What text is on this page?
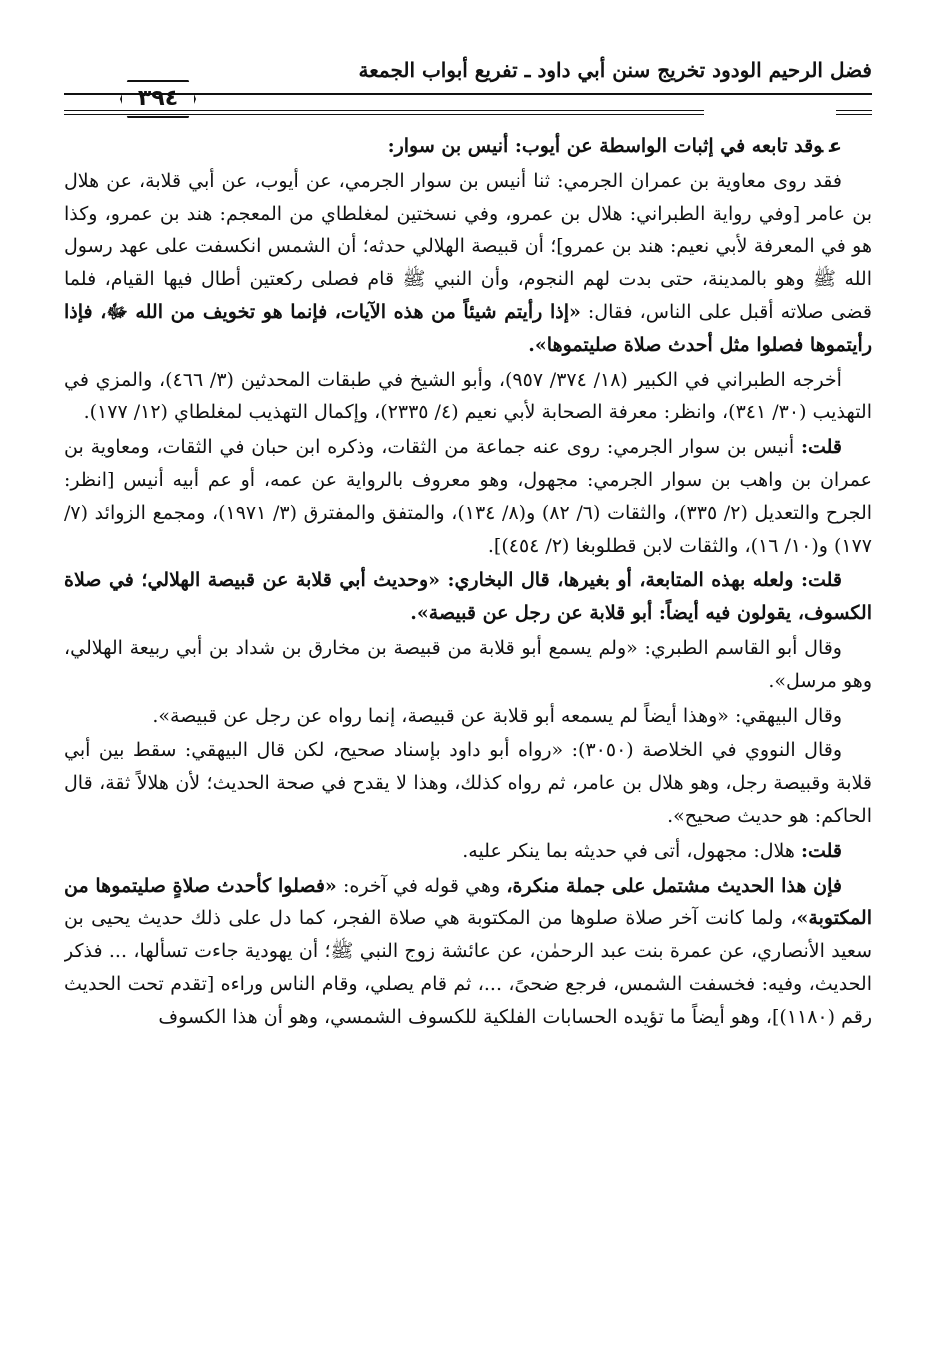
فضل الرحيم الودود تخريج سنن أبي داود ـ تفريع أبواب الجمعة
٣٩٤

عوقد تابعه في إثبات الواسطة عن أيوب: أنيس بن سوار:

فقد روى معاوية بن عمران الجرمي: ثنا أنيس بن سوار الجرمي، عن أيوب، عن أبي قلابة، عن هلال بن عامر [وفي رواية الطبراني: هلال بن عمرو، وفي نسختين لمغلطاي من المعجم: هند بن عمرو، وكذا هو في المعرفة لأبي نعيم: هند بن عمرو]؛ أن قبيصة الهلالي حدثه؛ أن الشمس انكسفت على عهد رسول الله ﷺ وهو بالمدينة، حتى بدت لهم النجوم، وأن النبي ﷺ قام فصلى ركعتين أطال فيها القيام، فلما قضى صلاته أقبل على الناس، فقال: «إذا رأيتم شيئاً من هذه الآيات، فإنما هو تخويف من الله ﷻ، فإذا رأيتموها فصلوا مثل أحدث صلاة صليتموها».

أخرجه الطبراني في الكبير (١٨/ ٣٧٤/ ٩٥٧)، وأبو الشيخ في طبقات المحدثين (٣/ ٤٦٦)، والمزي في التهذيب (٣٠/ ٣٤١)، وانظر: معرفة الصحابة لأبي نعيم (٤/ ٢٣٣٥)، وإكمال التهذيب لمغلطاي (١٢/ ١٧٧).

قلت: أنيس بن سوار الجرمي: روى عنه جماعة من الثقات، وذكره ابن حبان في الثقات، ومعاوية بن عمران بن واهب بن سوار الجرمي: مجهول، وهو معروف بالرواية عن عمه، أو عم أبيه أنيس [انظر: الجرح والتعديل (٢/ ٣٣٥)، والثقات (٦/ ٨٢) و(٨/ ١٣٤)، والمتفق والمفترق (٣/ ١٩٧١)، ومجمع الزوائد (٧/ ١٧٧) و(١٠/ ١٦)، والثقات لابن قطلوبغا (٢/ ٤٥٤)].

قلت: ولعله بهذه المتابعة، أو بغيرها، قال البخاري: «وحديث أبي قلابة عن قبيصة الهلالي؛ في صلاة الكسوف، يقولون فيه أيضاً: أبو قلابة عن رجل عن قبيصة».

وقال أبو القاسم الطبري: «ولم يسمع أبو قلابة من قبيصة بن مخارق بن شداد بن أبي ربيعة الهلالي، وهو مرسل».

وقال البيهقي: «وهذا أيضاً لم يسمعه أبو قلابة عن قبيصة، إنما رواه عن رجل عن قبيصة».

وقال النووي في الخلاصة (٣٠٥٠): «رواه أبو داود بإسناد صحيح، لكن قال البيهقي: سقط بين أبي قلابة وقبيصة رجل، وهو هلال بن عامر، ثم رواه كذلك، وهذا لا يقدح في صحة الحديث؛ لأن هلالاً ثقة، قال الحاكم: هو حديث صحيح».

قلت: هلال: مجهول، أتى في حديثه بما ينكر عليه.

فإن هذا الحديث مشتمل على جملة منكرة، وهي قوله في آخره: «فصلوا كأحدث صلاةٍ صليتموها من المكتوبة»، ولما كانت آخر صلاة صلوها من المكتوبة هي صلاة الفجر، كما دل على ذلك حديث يحيى بن سعيد الأنصاري، عن عمرة بنت عبد الرحمٰن، عن عائشة زوج النبي ﷺ؛ أن يهودية جاءت تسألها، ... فذكر الحديث، وفيه: فخسفت الشمس، فرجع ضحىً، ...، ثم قام يصلي، وقام الناس وراءه [تقدم تحت الحديث رقم (١١٨٠)]، وهو أيضاً ما تؤيده الحسابات الفلكية للكسوف الشمسي، وهو أن هذا الكسوف
